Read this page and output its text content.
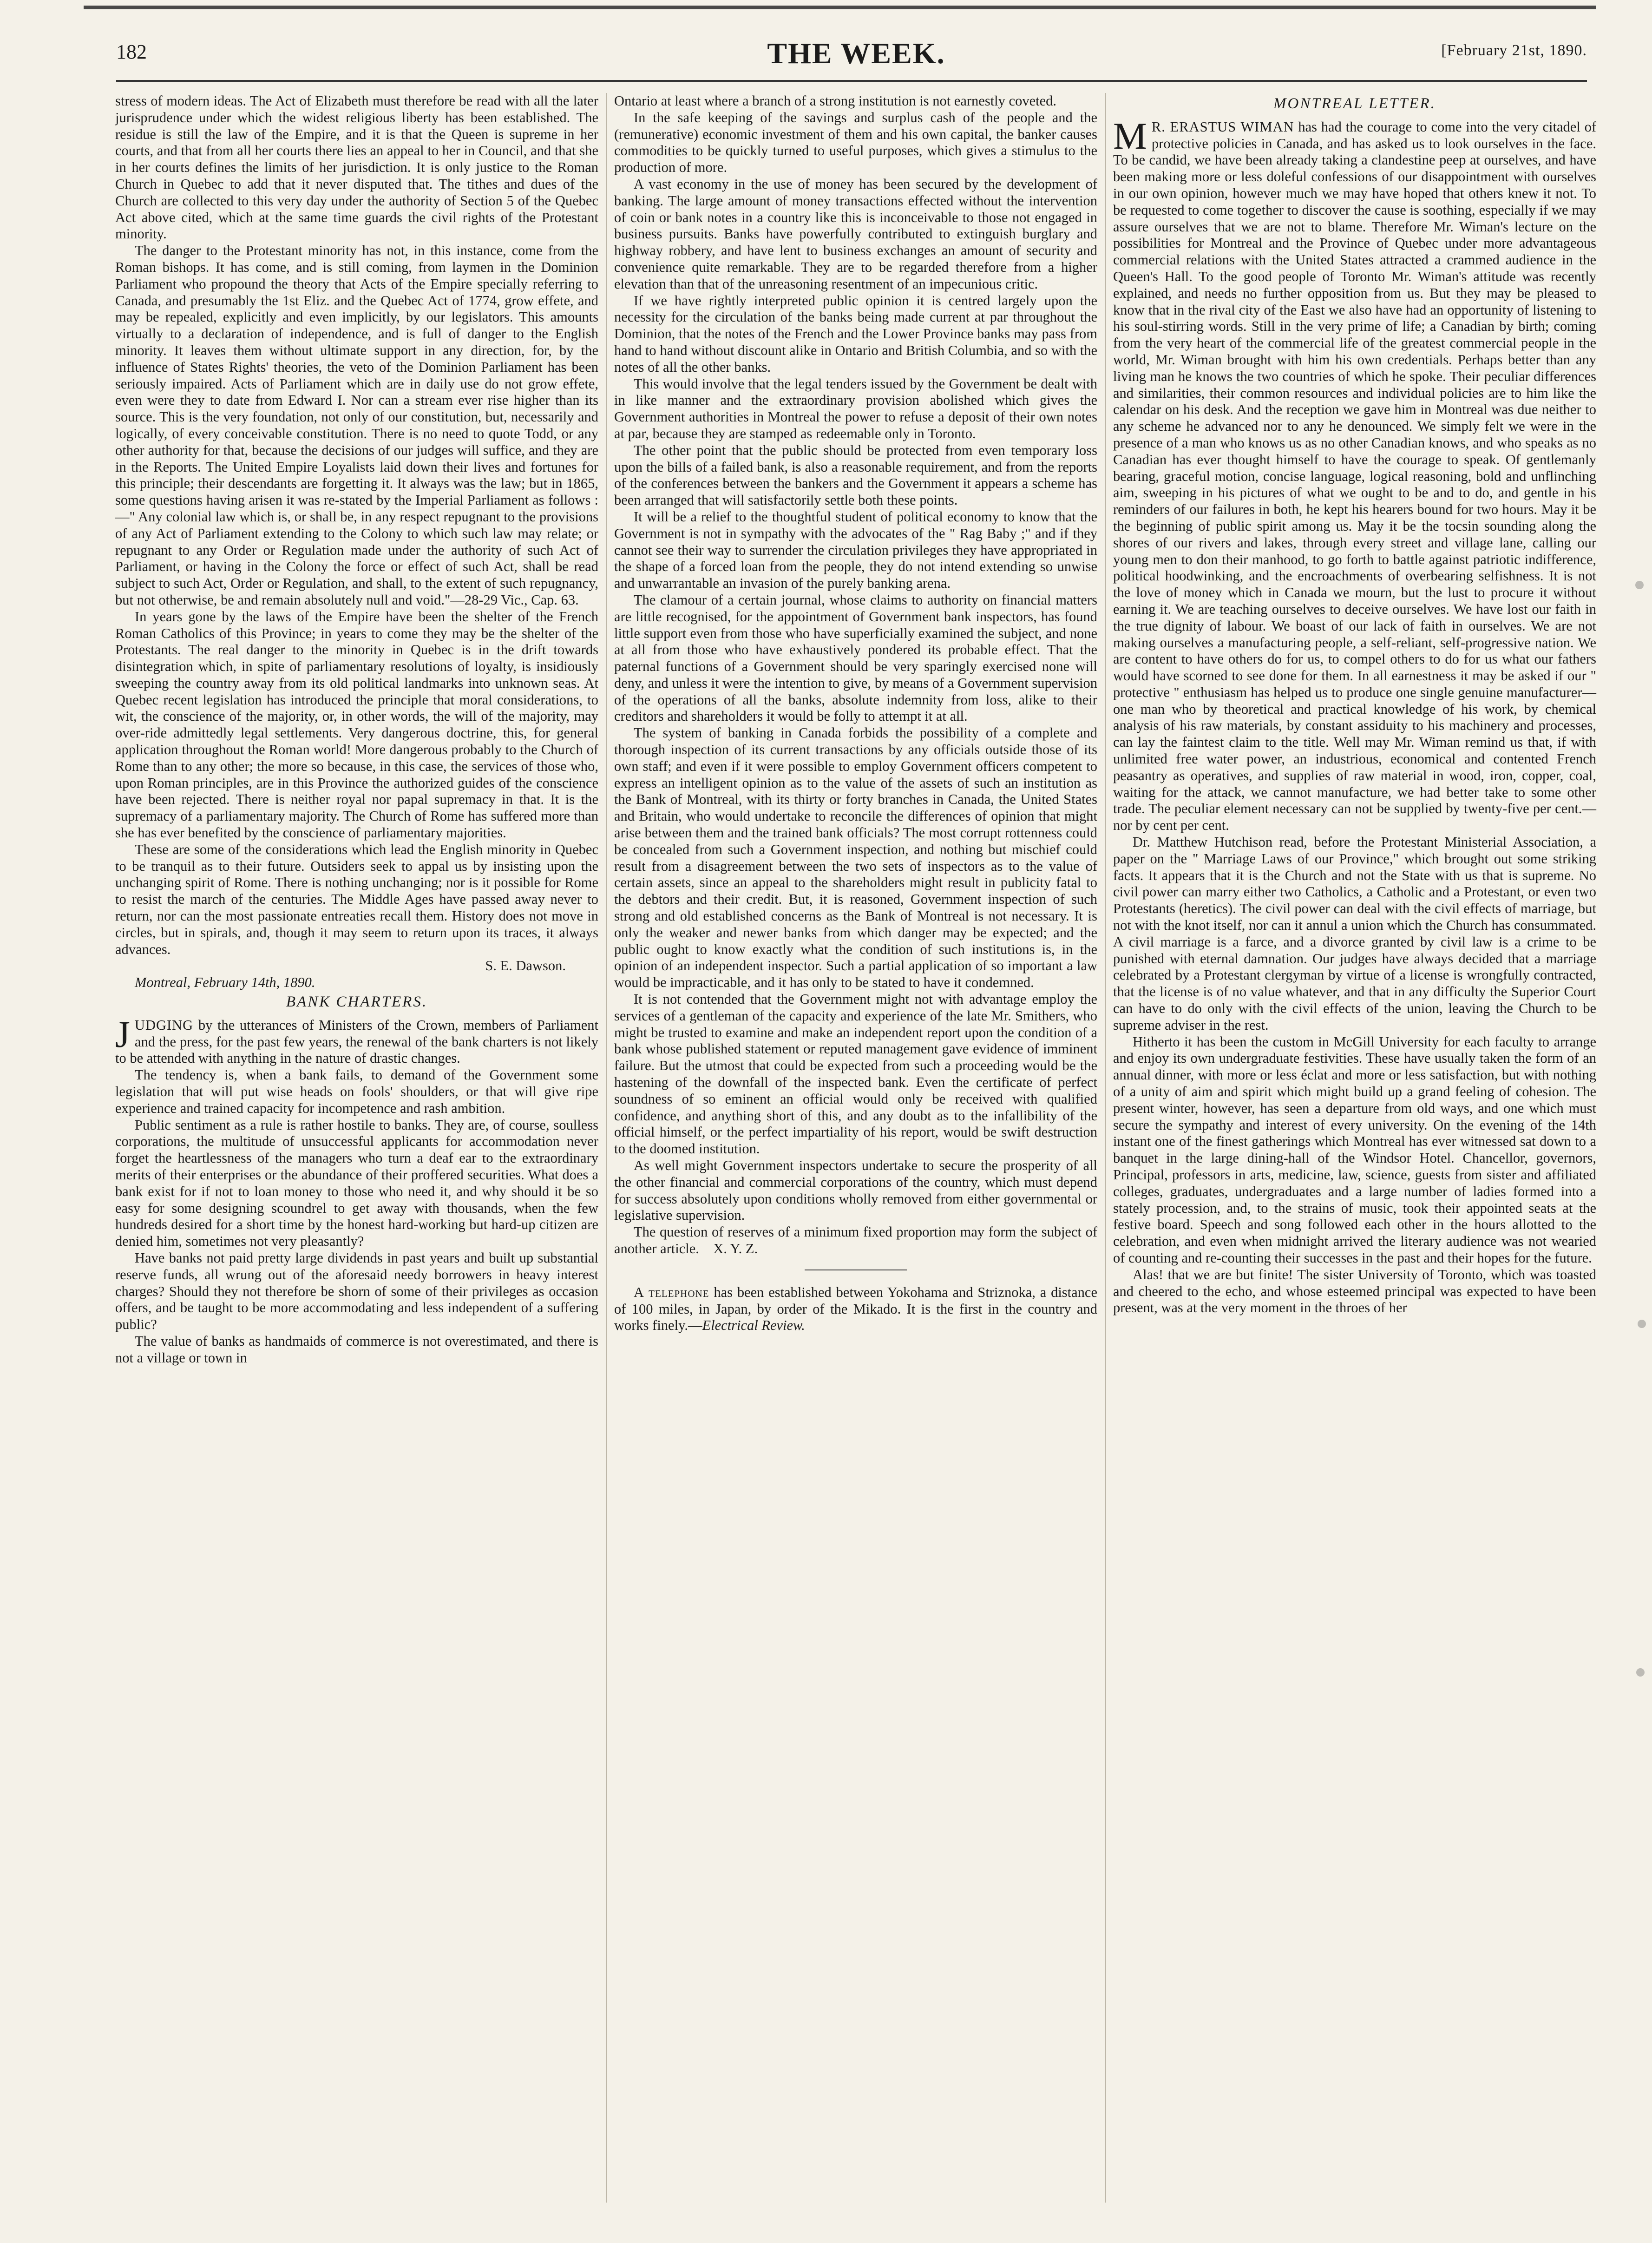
182	THE WEEK.	[February 21st, 1890.

stress of modern ideas. The Act of Elizabeth must therefore be read with all the later jurisprudence under which the widest religious liberty has been established. The residue is still the law of the Empire, and it is that the Queen is supreme in her courts, and that from all her courts there lies an appeal to her in Council, and that she in her courts defines the limits of her jurisdiction. It is only justice to the Roman Church in Quebec to add that it never disputed that. The tithes and dues of the Church are collected to this very day under the authority of Section 5 of the Quebec Act above cited, which at the same time guards the civil rights of the Protestant minority.

The danger to the Protestant minority has not, in this instance, come from the Roman bishops. It has come, and is still coming, from laymen in the Dominion Parliament who propound the theory that Acts of the Empire specially referring to Canada, and presumably the 1st Eliz. and the Quebec Act of 1774, grow effete, and may be repealed, explicitly and even implicitly, by our legislators. This amounts virtually to a declaration of independence, and is full of danger to the English minority. It leaves them without ultimate support in any direction, for, by the influence of States Rights' theories, the veto of the Dominion Parliament has been seriously impaired. Acts of Parliament which are in daily use do not grow effete, even were they to date from Edward I. Nor can a stream ever rise higher than its source. This is the very foundation, not only of our constitution, but, necessarily and logically, of every conceivable constitution. There is no need to quote Todd, or any other authority for that, because the decisions of our judges will suffice, and they are in the Reports. The United Empire Loyalists laid down their lives and fortunes for this principle; their descendants are forgetting it. It always was the law; but in 1865, some questions having arisen it was re-stated by the Imperial Parliament as follows :—" Any colonial law which is, or shall be, in any respect repugnant to the provisions of any Act of Parliament extending to the Colony to which such law may relate; or repugnant to any Order or Regulation made under the authority of such Act of Parliament, or having in the Colony the force or effect of such Act, shall be read subject to such Act, Order or Regulation, and shall, to the extent of such repugnancy, but not otherwise, be and remain absolutely null and void."—28-29 Vic., Cap. 63.

In years gone by the laws of the Empire have been the shelter of the French Roman Catholics of this Province; in years to come they may be the shelter of the Protestants. The real danger to the minority in Quebec is in the drift towards disintegration which, in spite of parliamentary resolutions of loyalty, is insidiously sweeping the country away from its old political landmarks into unknown seas. At Quebec recent legislation has introduced the principle that moral considerations, to wit, the conscience of the majority, or, in other words, the will of the majority, may over-ride admittedly legal settlements. Very dangerous doctrine, this, for general application throughout the Roman world! More dangerous probably to the Church of Rome than to any other; the more so because, in this case, the services of those who, upon Roman principles, are in this Province the authorized guides of the conscience have been rejected. There is neither royal nor papal supremacy in that. It is the supremacy of a parliamentary majority. The Church of Rome has suffered more than she has ever benefited by the conscience of parliamentary majorities.

These are some of the considerations which lead the English minority in Quebec to be tranquil as to their future. Outsiders seek to appal us by insisting upon the unchanging spirit of Rome. There is nothing unchanging; nor is it possible for Rome to resist the march of the centuries. The Middle Ages have passed away never to return, nor can the most passionate entreaties recall them. History does not move in circles, but in spirals, and, though it may seem to return upon its traces, it always advances.

S. E. Dawson.

Montreal, February 14th, 1890.

BANK CHARTERS.

JUDGING by the utterances of Ministers of the Crown, members of Parliament and the press, for the past few years, the renewal of the bank charters is not likely to be attended with anything in the nature of drastic changes.

The tendency is, when a bank fails, to demand of the Government some legislation that will put wise heads on fools' shoulders, or that will give ripe experience and trained capacity for incompetence and rash ambition.

Public sentiment as a rule is rather hostile to banks. They are, of course, soulless corporations, the multitude of unsuccessful applicants for accommodation never forget the heartlessness of the managers who turn a deaf ear to the extraordinary merits of their enterprises or the abundance of their proffered securities. What does a bank exist for if not to loan money to those who need it, and why should it be so easy for some designing scoundrel to get away with thousands, when the few hundreds desired for a short time by the honest hard-working but hard-up citizen are denied him, sometimes not very pleasantly?

Have banks not paid pretty large dividends in past years and built up substantial reserve funds, all wrung out of the aforesaid needy borrowers in heavy interest charges? Should they not therefore be shorn of some of their privileges as occasion offers, and be taught to be more accommodating and less independent of a suffering public?

The value of banks as handmaids of commerce is not overestimated, and there is not a village or town in

Ontario at least where a branch of a strong institution is not earnestly coveted.

In the safe keeping of the savings and surplus cash of the people and the (remunerative) economic investment of them and his own capital, the banker causes commodities to be quickly turned to useful purposes, which gives a stimulus to the production of more.

A vast economy in the use of money has been secured by the development of banking. The large amount of money transactions effected without the intervention of coin or bank notes in a country like this is inconceivable to those not engaged in business pursuits. Banks have powerfully contributed to extinguish burglary and highway robbery, and have lent to business exchanges an amount of security and convenience quite remarkable. They are to be regarded therefore from a higher elevation than that of the unreasoning resentment of an impecunious critic.

If we have rightly interpreted public opinion it is centred largely upon the necessity for the circulation of the banks being made current at par throughout the Dominion, that the notes of the French and the Lower Province banks may pass from hand to hand without discount alike in Ontario and British Columbia, and so with the notes of all the other banks.

This would involve that the legal tenders issued by the Government be dealt with in like manner and the extraordinary provision abolished which gives the Government authorities in Montreal the power to refuse a deposit of their own notes at par, because they are stamped as redeemable only in Toronto.

The other point that the public should be protected from even temporary loss upon the bills of a failed bank, is also a reasonable requirement, and from the reports of the conferences between the bankers and the Government it appears a scheme has been arranged that will satisfactorily settle both these points.

It will be a relief to the thoughtful student of political economy to know that the Government is not in sympathy with the advocates of the " Rag Baby ;" and if they cannot see their way to surrender the circulation privileges they have appropriated in the shape of a forced loan from the people, they do not intend extending so unwise and unwarrantable an invasion of the purely banking arena.

The clamour of a certain journal, whose claims to authority on financial matters are little recognised, for the appointment of Government bank inspectors, has found little support even from those who have superficially examined the subject, and none at all from those who have exhaustively pondered its probable effect. That the paternal functions of a Government should be very sparingly exercised none will deny, and unless it were the intention to give, by means of a Government supervision of the operations of all the banks, absolute indemnity from loss, alike to their creditors and shareholders it would be folly to attempt it at all.

The system of banking in Canada forbids the possibility of a complete and thorough inspection of its current transactions by any officials outside those of its own staff; and even if it were possible to employ Government officers competent to express an intelligent opinion as to the value of the assets of such an institution as the Bank of Montreal, with its thirty or forty branches in Canada, the United States and Britain, who would undertake to reconcile the differences of opinion that might arise between them and the trained bank officials? The most corrupt rottenness could be concealed from such a Government inspection, and nothing but mischief could result from a disagreement between the two sets of inspectors as to the value of certain assets, since an appeal to the shareholders might result in publicity fatal to the debtors and their credit. But, it is reasoned, Government inspection of such strong and old established concerns as the Bank of Montreal is not necessary. It is only the weaker and newer banks from which danger may be expected; and the public ought to know exactly what the condition of such institutions is, in the opinion of an independent inspector. Such a partial application of so important a law would be impracticable, and it has only to be stated to have it condemned.

It is not contended that the Government might not with advantage employ the services of a gentleman of the capacity and experience of the late Mr. Smithers, who might be trusted to examine and make an independent report upon the condition of a bank whose published statement or reputed management gave evidence of imminent failure. But the utmost that could be expected from such a proceeding would be the hastening of the downfall of the inspected bank. Even the certificate of perfect soundness of so eminent an official would only be received with qualified confidence, and anything short of this, and any doubt as to the infallibility of the official himself, or the perfect impartiality of his report, would be swift destruction to the doomed institution.

As well might Government inspectors undertake to secure the prosperity of all the other financial and commercial corporations of the country, which must depend for success absolutely upon conditions wholly removed from either governmental or legislative supervision.

The question of reserves of a minimum fixed proportion may form the subject of another article. X. Y. Z.

A telephone has been established between Yokohama and Striznoka, a distance of 100 miles, in Japan, by order of the Mikado. It is the first in the country and works finely.—Electrical Review.

MONTREAL LETTER.

MR. ERASTUS WIMAN has had the courage to come into the very citadel of protective policies in Canada, and has asked us to look ourselves in the face. To be candid, we have been already taking a clandestine peep at ourselves, and have been making more or less doleful confessions of our disappointment with ourselves in our own opinion, however much we may have hoped that others knew it not. To be requested to come together to discover the cause is soothing, especially if we may assure ourselves that we are not to blame. Therefore Mr. Wiman's lecture on the possibilities for Montreal and the Province of Quebec under more advantageous commercial relations with the United States attracted a crammed audience in the Queen's Hall. To the good people of Toronto Mr. Wiman's attitude was recently explained, and needs no further opposition from us. But they may be pleased to know that in the rival city of the East we also have had an opportunity of listening to his soul-stirring words. Still in the very prime of life; a Canadian by birth; coming from the very heart of the commercial life of the greatest commercial people in the world, Mr. Wiman brought with him his own credentials. Perhaps better than any living man he knows the two countries of which he spoke. Their peculiar differences and similarities, their common resources and individual policies are to him like the calendar on his desk. And the reception we gave him in Montreal was due neither to any scheme he advanced nor to any he denounced. We simply felt we were in the presence of a man who knows us as no other Canadian knows, and who speaks as no Canadian has ever thought himself to have the courage to speak. Of gentlemanly bearing, graceful motion, concise language, logical reasoning, bold and unflinching aim, sweeping in his pictures of what we ought to be and to do, and gentle in his reminders of our failures in both, he kept his hearers bound for two hours. May it be the beginning of public spirit among us. May it be the tocsin sounding along the shores of our rivers and lakes, through every street and village lane, calling our young men to don their manhood, to go forth to battle against patriotic indifference, political hoodwinking, and the encroachments of overbearing selfishness. It is not the love of money which in Canada we mourn, but the lust to procure it without earning it. We are teaching ourselves to deceive ourselves. We have lost our faith in the true dignity of labour. We boast of our lack of faith in ourselves. We are not making ourselves a manufacturing people, a self-reliant, self-progressive nation. We are content to have others do for us, to compel others to do for us what our fathers would have scorned to see done for them. In all earnestness it may be asked if our " protective " enthusiasm has helped us to produce one single genuine manufacturer—one man who by theoretical and practical knowledge of his work, by chemical analysis of his raw materials, by constant assiduity to his machinery and processes, can lay the faintest claim to the title. Well may Mr. Wiman remind us that, if with unlimited free water power, an industrious, economical and contented French peasantry as operatives, and supplies of raw material in wood, iron, copper, coal, waiting for the attack, we cannot manufacture, we had better take to some other trade. The peculiar element necessary can not be supplied by twenty-five per cent.—nor by cent per cent.

Dr. Matthew Hutchison read, before the Protestant Ministerial Association, a paper on the " Marriage Laws of our Province," which brought out some striking facts. It appears that it is the Church and not the State with us that is supreme. No civil power can marry either two Catholics, a Catholic and a Protestant, or even two Protestants (heretics). The civil power can deal with the civil effects of marriage, but not with the knot itself, nor can it annul a union which the Church has consummated. A civil marriage is a farce, and a divorce granted by civil law is a crime to be punished with eternal damnation. Our judges have always decided that a marriage celebrated by a Protestant clergyman by virtue of a license is wrongfully contracted, that the license is of no value whatever, and that in any difficulty the Superior Court can have to do only with the civil effects of the union, leaving the Church to be supreme adviser in the rest.

Hitherto it has been the custom in McGill University for each faculty to arrange and enjoy its own undergraduate festivities. These have usually taken the form of an annual dinner, with more or less éclat and more or less satisfaction, but with nothing of a unity of aim and spirit which might build up a grand feeling of cohesion. The present winter, however, has seen a departure from old ways, and one which must secure the sympathy and interest of every university. On the evening of the 14th instant one of the finest gatherings which Montreal has ever witnessed sat down to a banquet in the large dining-hall of the Windsor Hotel. Chancellor, governors, Principal, professors in arts, medicine, law, science, guests from sister and affiliated colleges, graduates, undergraduates and a large number of ladies formed into a stately procession, and, to the strains of music, took their appointed seats at the festive board. Speech and song followed each other in the hours allotted to the celebration, and even when midnight arrived the literary audience was not wearied of counting and re-counting their successes in the past and their hopes for the future.

Alas! that we are but finite! The sister University of Toronto, which was toasted and cheered to the echo, and whose esteemed principal was expected to have been present, was at the very moment in the throes of her
